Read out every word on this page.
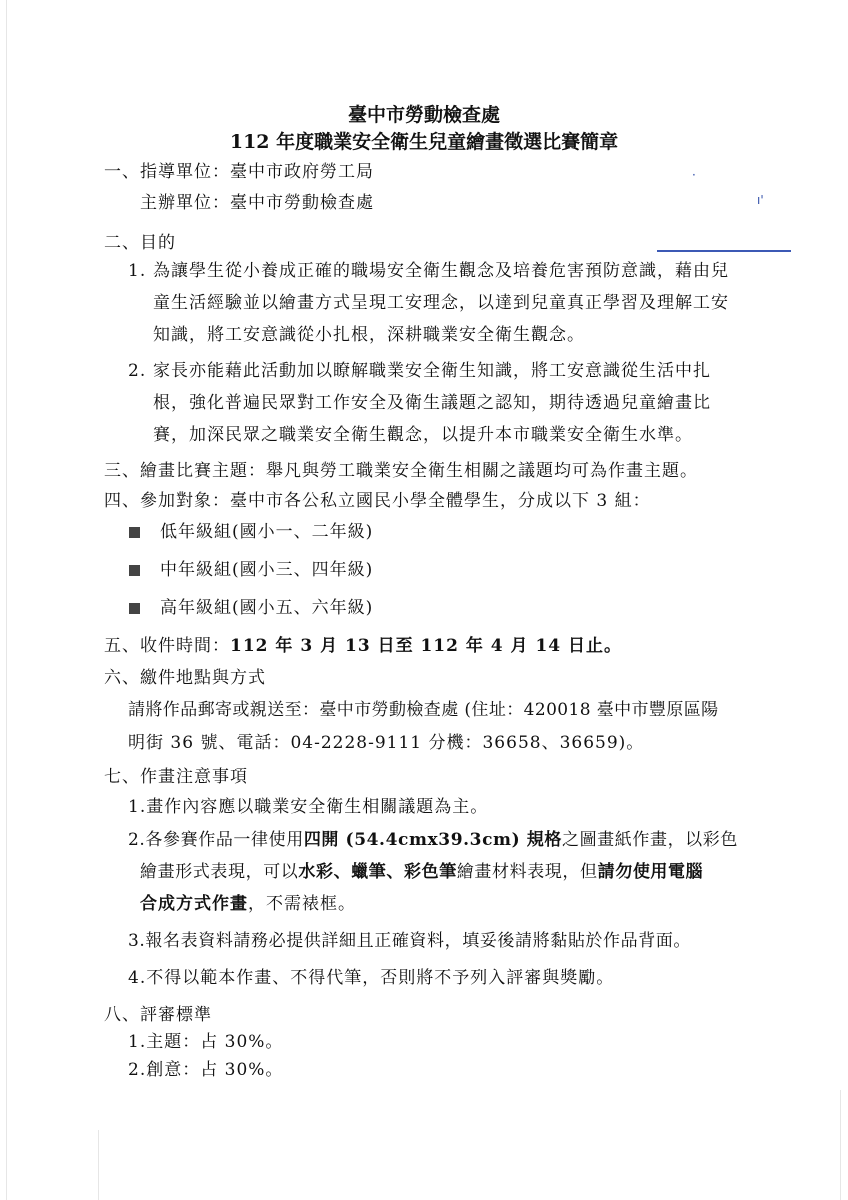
臺中市勞動檢查處
112 年度職業安全衛生兒童繪畫徵選比賽簡章
一、指導單位：臺中市政府勞工局
主辦單位：臺中市勞動檢查處
二、目的
1. 為讓學生從小養成正確的職場安全衛生觀念及培養危害預防意識，藉由兒
童生活經驗並以繪畫方式呈現工安理念，以達到兒童真正學習及理解工安
知識，將工安意識從小扎根，深耕職業安全衛生觀念。
2. 家長亦能藉此活動加以瞭解職業安全衛生知識，將工安意識從生活中扎
根，強化普遍民眾對工作安全及衛生議題之認知，期待透過兒童繪畫比
賽，加深民眾之職業安全衛生觀念，以提升本市職業安全衛生水準。
三、繪畫比賽主題：舉凡與勞工職業安全衛生相關之議題均可為作畫主題。
四、參加對象：臺中市各公私立國民小學全體學生，分成以下 3 組：
低年級組(國小一、二年級)
中年級組(國小三、四年級)
高年級組(國小五、六年級)
五、收件時間：112 年 3 月 13 日至 112 年 4 月 14 日止。
六、繳件地點與方式
請將作品郵寄或親送至：臺中市勞動檢查處 (住址：420018 臺中市豐原區陽
明街 36 號、電話：04-2228-9111 分機：36658、36659)。
七、作畫注意事項
1.畫作內容應以職業安全衛生相關議題為主。
2.各參賽作品一律使用四開 (54.4cmx39.3cm) 規格之圖畫紙作畫，以彩色
繪畫形式表現，可以水彩、蠟筆、彩色筆繪畫材料表現，但請勿使用電腦
合成方式作畫，不需裱框。
3.報名表資料請務必提供詳細且正確資料，填妥後請將黏貼於作品背面。
4.不得以範本作畫、不得代筆，否則將不予列入評審與獎勵。
八、評審標準
1.主題：占 30%。
2.創意：占 30%。
·
ı'
